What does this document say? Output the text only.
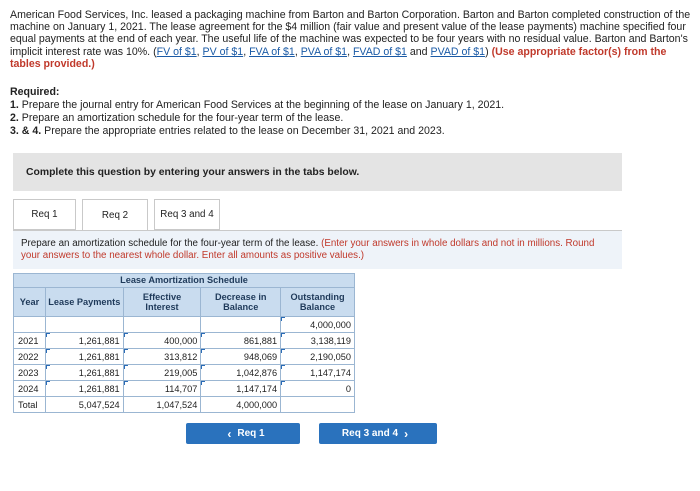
American Food Services, Inc. leased a packaging machine from Barton and Barton Corporation. Barton and Barton completed construction of the machine on January 1, 2021. The lease agreement for the $4 million (fair value and present value of the lease payments) machine specified four equal payments at the end of each year. The useful life of the machine was expected to be four years with no residual value. Barton and Barton's implicit interest rate was 10%. (FV of $1, PV of $1, FVA of $1, PVA of $1, FVAD of $1 and PVAD of $1) (Use appropriate factor(s) from the tables provided.)
Required:
1. Prepare the journal entry for American Food Services at the beginning of the lease on January 1, 2021.
2. Prepare an amortization schedule for the four-year term of the lease.
3. & 4. Prepare the appropriate entries related to the lease on December 31, 2021 and 2023.
Complete this question by entering your answers in the tabs below.
Req 1	Req 2	Req 3 and 4
Prepare an amortization schedule for the four-year term of the lease. (Enter your answers in whole dollars and not in millions. Round your answers to the nearest whole dollar. Enter all amounts as positive values.)
Lease Amortization Schedule				
Year	Lease Payments	Effective Interest	Decrease in Balance	Outstanding Balance
				4,000,000
2021	1,261,881	400,000	861,881	3,138,119
2022	1,261,881	313,812	948,069	2,190,050
2023	1,261,881	219,005	1,042,876	1,147,174
2024	1,261,881	114,707	1,147,174	0
Total	5,047,524	1,047,524	4,000,000	
‹ Req 1	Req 3 and 4 ›
